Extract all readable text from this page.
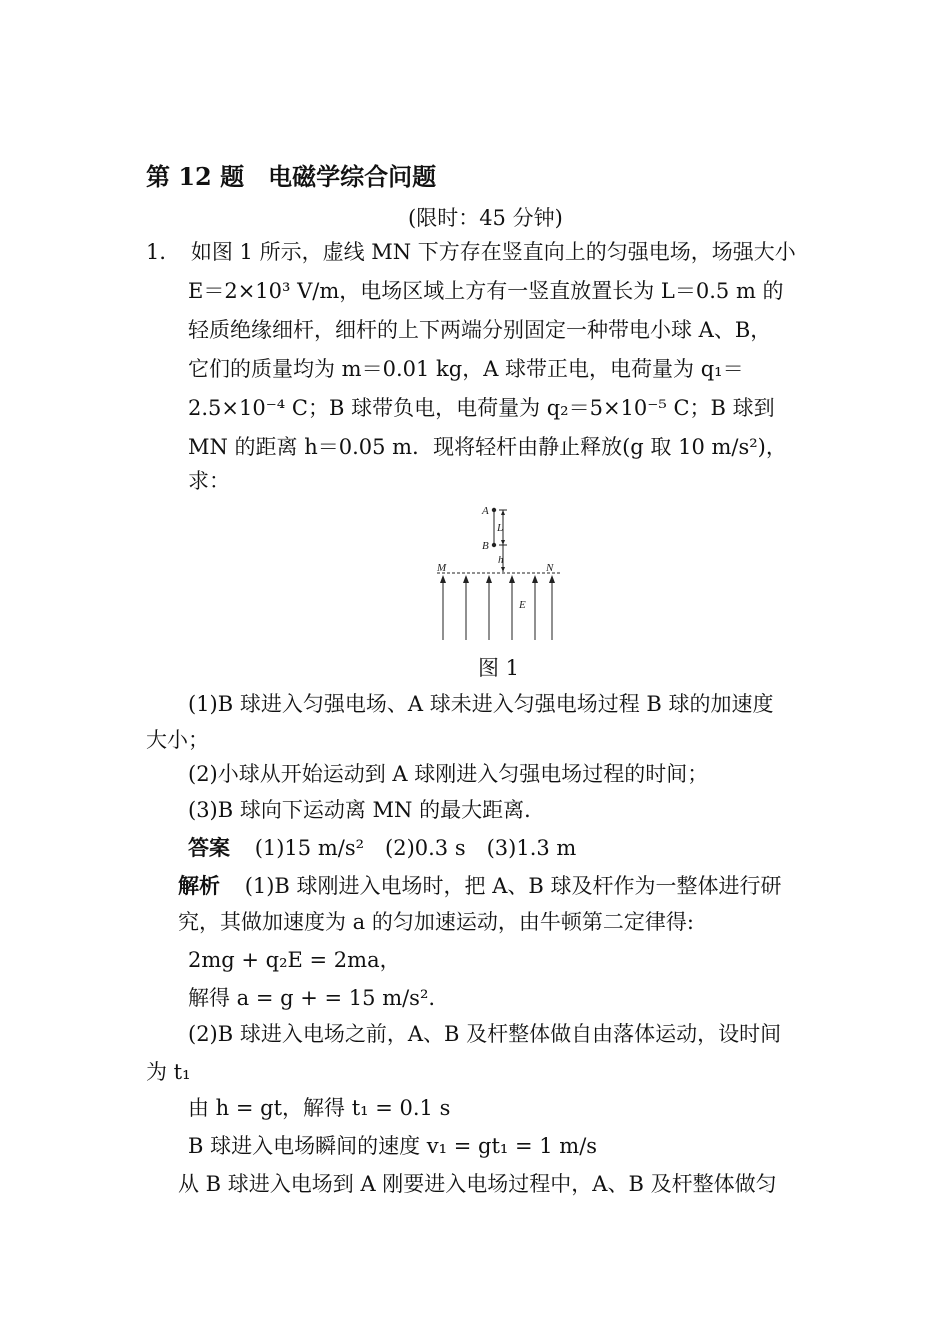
第 12 题　电磁学综合问题
(限时：45 分钟)
1．　如图 1 所示，虚线 MN 下方存在竖直向上的匀强电场，场强大小
E＝2×10³ V/m，电场区域上方有一竖直放置长为 L＝0.5 m 的
轻质绝缘细杆，细杆的上下两端分别固定一种带电小球 A、B，
它们的质量均为 m＝0.01 kg，A 球带正电，电荷量为 q₁＝
2.5×10⁻⁴ C；B 球带负电，电荷量为 q₂＝5×10⁻⁵ C；B 球到
MN 的距离 h＝0.05 m．现将轻杆由静止释放(g 取 10 m/s²)，
求：
A
B
L
h
M	N
E
图 1
(1)B 球进入匀强电场、A 球未进入匀强电场过程 B 球的加速度
大小；
(2)小球从开始运动到 A 球刚进入匀强电场过程的时间；
(3)B 球向下运动离 MN 的最大距离．
答案 (1)15 m/s²　(2)0.3 s　(3)1.3 m
解析 (1)B 球刚进入电场时，把 A、B 球及杆作为一整体进行研
究，其做加速度为 a 的匀加速运动，由牛顿第二定律得:
2mg + q₂E = 2ma，
解得 a = g + = 15 m/s².
(2)B 球进入电场之前，A、B 及杆整体做自由落体运动，设时间
为 t₁
由 h = gt，解得 t₁ = 0.1 s
B 球进入电场瞬间的速度 v₁ = gt₁ = 1 m/s
从 B 球进入电场到 A 刚要进入电场过程中，A、B 及杆整体做匀
